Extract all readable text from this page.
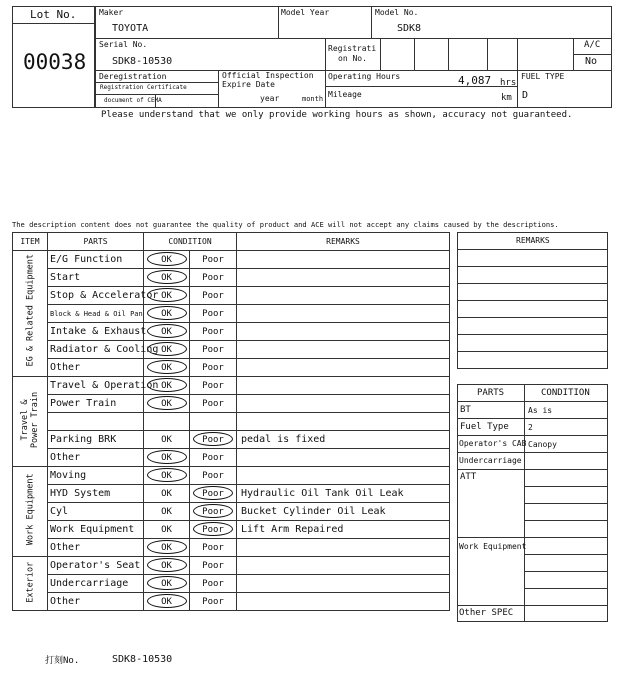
Lot No.
00038
Maker
TOYOTA
Model Year	Model No.
SDK8
Serial No.
SDK8-10530
Registrati
on No.
A/C
No
Deregistration
Registration Certificate
document of CEMA
Official Inspection
Expire Date
year	month
Operating Hours	4,087 hrs
Mileage	km
FUEL TYPE
D
Please understand that we only provide working hours as shown, accuracy not guaranteed.
The description content does not guarantee the quality of product and ACE will not accept any claims caused by the descriptions.
ITEM	PARTS	CONDITION		REMARKS

EG & Related Equipment	E/G Function	OK	Poor	
	Start	OK	Poor	
	Stop & Accelerator	OK	Poor	
	Block & Head & Oil Pan	OK	Poor	
	Intake & Exhaust	OK	Poor	
	Radiator & Cooling	OK	Poor	
	Other	OK	Poor	

Travel & Power Train	Travel & Operation	OK	Poor	
	Power Train	OK	Poor	

	Parking BRK	OK	Poor	pedal is fixed
	Other	OK	Poor	

Work Equipment	Moving	OK	Poor	
	HYD System	OK	Poor	Hydraulic Oil Tank Oil Leak
	Cyl	OK	Poor	Bucket Cylinder Oil Leak
	Work Equipment	OK	Poor	Lift Arm Repaired
	Other	OK	Poor	

Exterior	Operator's Seat	OK	Poor	
	Undercarriage	OK	Poor	
	Other	OK	Poor	
REMARKS
PARTS	CONDITION
BT	As is
Fuel Type 2
Operator's CAB Canopy
Undercarriage
ATT
Work Equipment
Other SPEC
打刻No.	SDK8-10530
